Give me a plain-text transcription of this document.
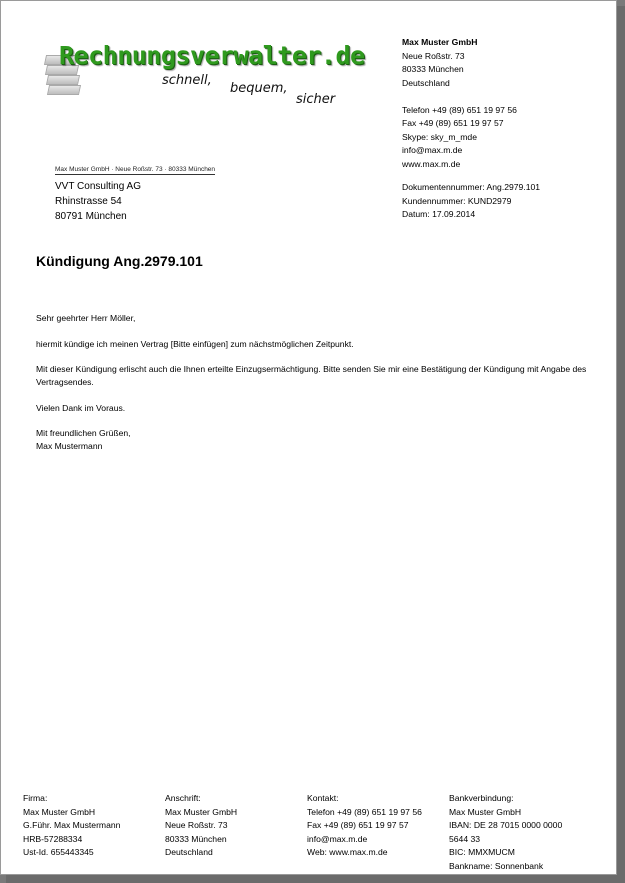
Rechnungsverwalter.de
schnell,
bequem,
sicher
Max Muster GmbH
Neue Roßstr. 73
80333 München
Deutschland
Telefon +49 (89) 651 19 97 56
Fax +49 (89) 651 19 97 57
Skype: sky_m_mde
info@max.m.de
www.max.m.de
Max Muster GmbH · Neue Roßstr. 73 · 80333 München
VVT Consulting AG
Rhinstrasse 54
80791 München
Dokumentennummer: Ang.2979.101
Kundennummer: KUND2979
Datum: 17.09.2014
Kündigung Ang.2979.101

Sehr geehrter Herr Möller,

hiermit kündige ich meinen Vertrag [Bitte einfügen] zum nächstmöglichen Zeitpunkt.

Mit dieser Kündigung erlischt auch die Ihnen erteilte Einzugsermächtigung. Bitte senden Sie mir eine Bestätigung der Kündigung mit Angabe des Vertragsendes.

Vielen Dank im Voraus.

Mit freundlichen Grüßen,

Max Mustermann

Firma:
Max Muster GmbH
G.Führ. Max Mustermann
HRB-57288334
Ust-Id. 655443345
Anschrift:
Max Muster GmbH
Neue Roßstr. 73
80333 München
Deutschland
Kontakt:
Telefon +49 (89) 651 19 97 56
Fax +49 (89) 651 19 97 57
info@max.m.de
Web: www.max.m.de
Bankverbindung:
Max Muster GmbH
IBAN: DE 28 7015 0000 0000
5644 33
BIC: MMXMUCM
Bankname: Sonnenbank
